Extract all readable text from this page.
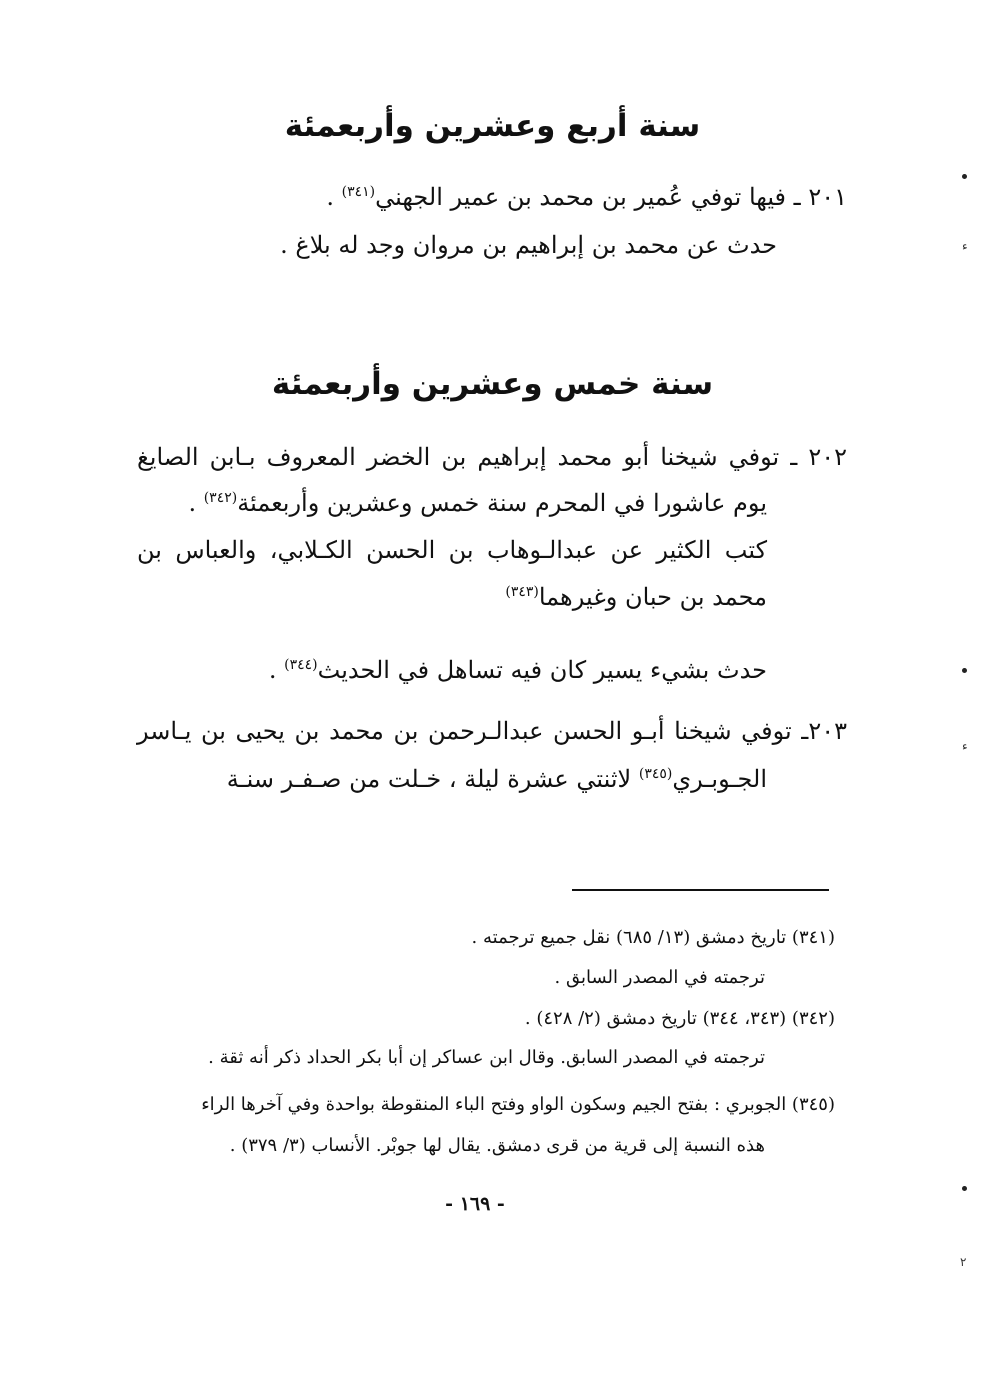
سنة أربع وعشرين وأربعمئة
٢٠١ ـ فيها توفي عُمير بن محمد بن عمير الجهني$^{(٣٤١)}$ .
حدث عن محمد بن إبراهيم بن مروان وجد له بلاغ .
سنة خمس وعشرين وأربعمئة
٢٠٢ ـ توفي شيخنا أبو محمد إبراهيم بن الخضر المعروف بـابن الصايغ
يوم عاشورا في المحرم سنة خمس وعشرين وأربعمئة$^{(٣٤٢)}$ .
كتب الكثير عن عبدالـوهاب بن الحسن الكـلابي، والعباس بن
محمد بن حبان وغيرهما$^{(٣٤٣)}$
حدث بشيء يسير كان فيه تساهل في الحديث$^{(٣٤٤)}$ .
٢٠٣ـ توفي شيخنا أبـو الحسن عبدالـرحمن بن محمد بن يحيى بن يـاسر
الجـوبـري$^{(٣٤٥)}$ لاثنتي عشرة ليلة ، خـلت من صـفـر سنـة
(٣٤١) تاريخ دمشق (١٣/ ٦٨٥) نقل جميع ترجمته .
ترجمته في المصدر السابق .
(٣٤٢) (٣٤٣، ٣٤٤) تاريخ دمشق (٢/ ٤٢٨) .
ترجمته في المصدر السابق. وقال ابن عساكر إن أبا بكر الحداد ذكر أنه ثقة .
(٣٤٥) الجوبري : بفتح الجيم وسكون الواو وفتح الباء المنقوطة بواحدة وفي آخرها الراء
هذه النسبة إلى قرية من قرى دمشق. يقال لها جوبْر. الأنساب (٣/ ٣٧٩) .
- ١٦٩ -
ء
ء
٢
